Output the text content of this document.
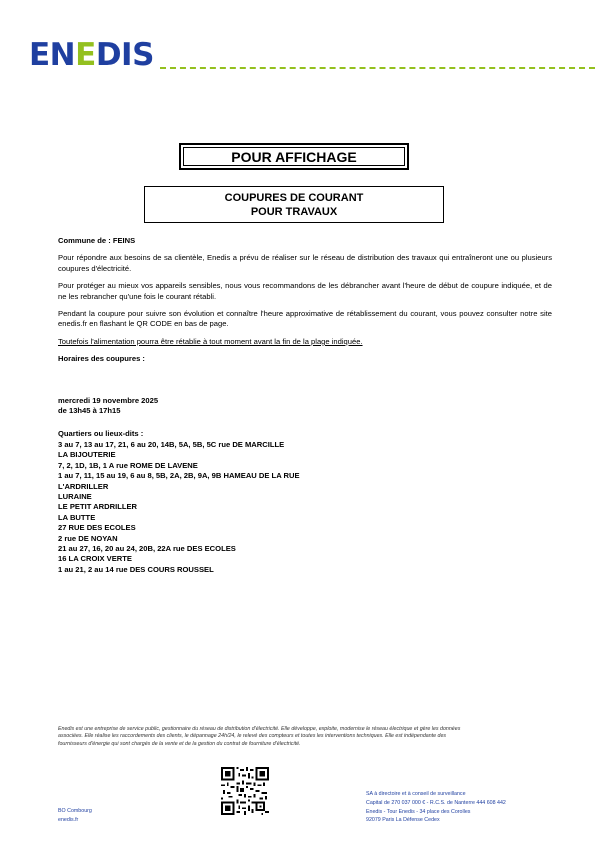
ENEDIS
POUR AFFICHAGE
COUPURES DE COURANT
POUR TRAVAUX

Commune de : FEINS

Pour répondre aux besoins de sa clientèle, Enedis a prévu de réaliser sur le réseau de distribution des travaux qui entraîneront une ou plusieurs coupures d'électricité.

Pour protéger au mieux vos appareils sensibles, nous vous recommandons de les débrancher avant l'heure de début de coupure indiquée, et de ne les rebrancher qu'une fois le courant rétabli.

Pendant la coupure pour suivre son évolution et connaître l'heure approximative de rétablissement du courant, vous pouvez consulter notre site enedis.fr en flashant le QR CODE en bas de page.

Toutefois l'alimentation pourra être rétablie à tout moment avant la fin de la plage indiquée.

Horaires des coupures :

mercredi 19 novembre 2025
de 13h45 à 17h15
Quartiers ou lieux-dits :
3 au 7, 13 au 17, 21, 6 au 20, 14B, 5A, 5B, 5C rue DE MARCILLE
LA BIJOUTERIE
7, 2, 1D, 1B, 1 A rue ROME DE LAVENE
1 au 7, 11, 15 au 19, 6 au 8, 5B, 2A, 2B, 9A, 9B HAMEAU DE LA RUE
L'ARDRILLER
LURAINE
LE PETIT ARDRILLER
LA BUTTE
27 RUE DES ECOLES
2 rue DE NOYAN
21 au 27, 16, 20 au 24, 20B, 22A rue DES ECOLES
16 LA CROIX VERTE
1 au 21, 2 au 14 rue DES COURS ROUSSEL

Enedis est une entreprise de service public, gestionnaire du réseau de distribution d'électricité. Elle développe, exploite, modernise le réseau électrique et gère les données

associées. Elle réalise les raccordements des clients, le dépannage 24h/24, le relevé des compteurs et toutes les interventions techniques. Elle est indépendante des

fournisseurs d'énergie qui sont chargés de la vente et de la gestion du contrat de fourniture d'électricité.

SA à directoire et à conseil de surveillance
Capital de 270 037 000 € - R.C.S. de Nanterre 444 608 442
Enedis - Tour Enedis - 34 place des Corolles
92079 Paris La Défense Cedex
BO Combourg
enedis.fr
